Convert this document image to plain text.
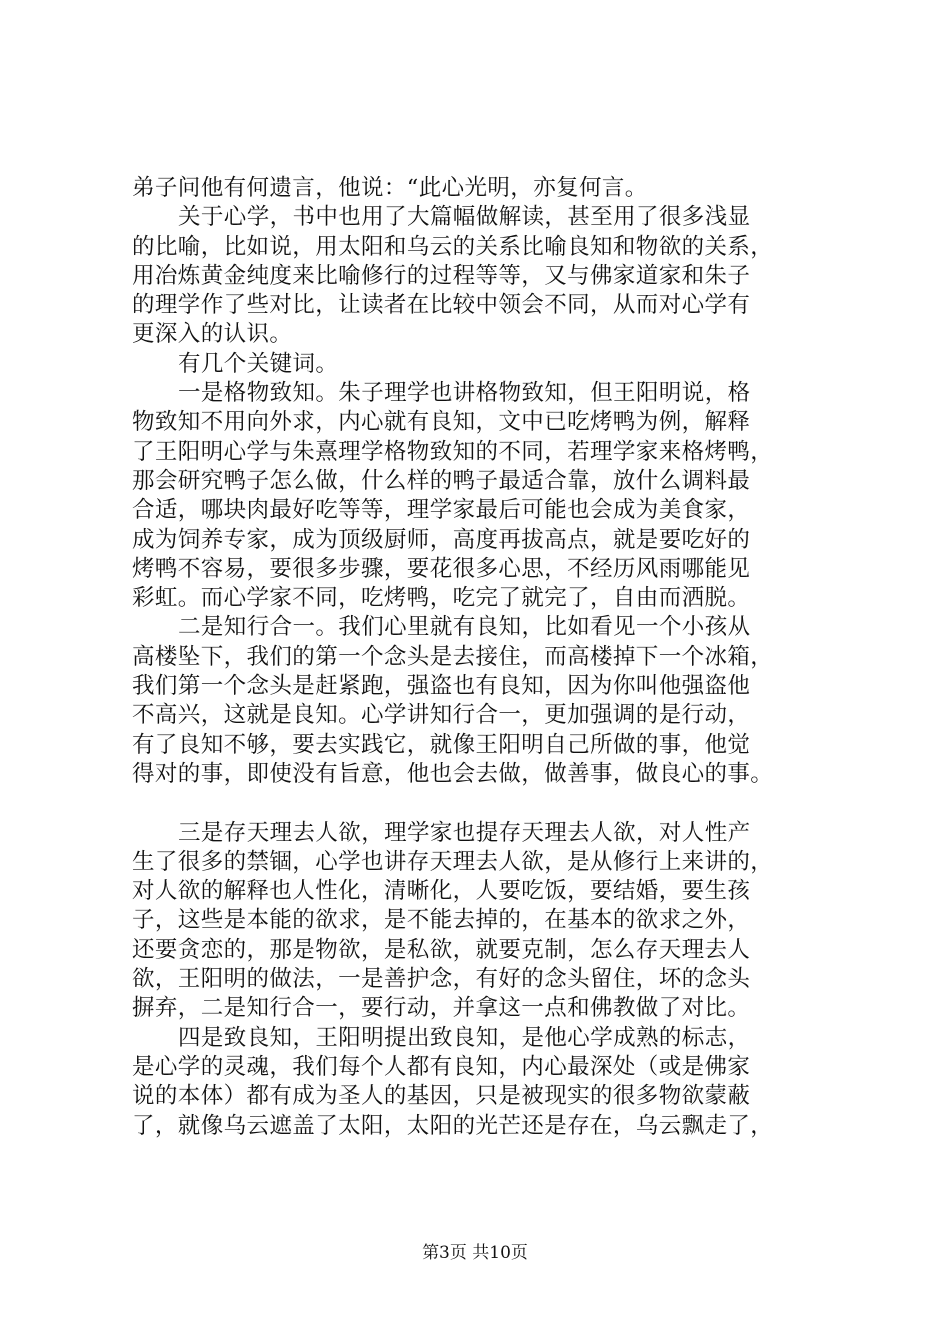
弟子问他有何遗言，他说：“此心光明，亦复何言。
关于心学，书中也用了大篇幅做解读，甚至用了很多浅显
的比喻，比如说，用太阳和乌云的关系比喻良知和物欲的关系，
用冶炼黄金纯度来比喻修行的过程等等，又与佛家道家和朱子
的理学作了些对比，让读者在比较中领会不同，从而对心学有
更深入的认识。
有几个关键词。
一是格物致知。朱子理学也讲格物致知，但王阳明说，格
物致知不用向外求，内心就有良知，文中已吃烤鸭为例，解释
了王阳明心学与朱熹理学格物致知的不同，若理学家来格烤鸭，
那会研究鸭子怎么做，什么样的鸭子最适合靠，放什么调料最
合适，哪块肉最好吃等等，理学家最后可能也会成为美食家，
成为饲养专家，成为顶级厨师，高度再拔高点，就是要吃好的
烤鸭不容易，要很多步骤，要花很多心思，不经历风雨哪能见
彩虹。而心学家不同，吃烤鸭，吃完了就完了，自由而洒脱。
二是知行合一。我们心里就有良知，比如看见一个小孩从
高楼坠下，我们的第一个念头是去接住，而高楼掉下一个冰箱，
我们第一个念头是赶紧跑，强盗也有良知，因为你叫他强盗他
不高兴，这就是良知。心学讲知行合一，更加强调的是行动，
有了良知不够，要去实践它，就像王阳明自己所做的事，他觉
得对的事，即使没有旨意，他也会去做，做善事，做良心的事。
三是存天理去人欲，理学家也提存天理去人欲，对人性产
生了很多的禁锢，心学也讲存天理去人欲，是从修行上来讲的，
对人欲的解释也人性化，清晰化，人要吃饭，要结婚，要生孩
子，这些是本能的欲求，是不能去掉的，在基本的欲求之外，
还要贪恋的，那是物欲，是私欲，就要克制，怎么存天理去人
欲，王阳明的做法，一是善护念，有好的念头留住，坏的念头
摒弃，二是知行合一，要行动，并拿这一点和佛教做了对比。
四是致良知，王阳明提出致良知，是他心学成熟的标志，
是心学的灵魂，我们每个人都有良知，内心最深处（或是佛家
说的本体）都有成为圣人的基因，只是被现实的很多物欲蒙蔽
了，就像乌云遮盖了太阳，太阳的光芒还是存在，乌云飘走了，
第3页 共10页
